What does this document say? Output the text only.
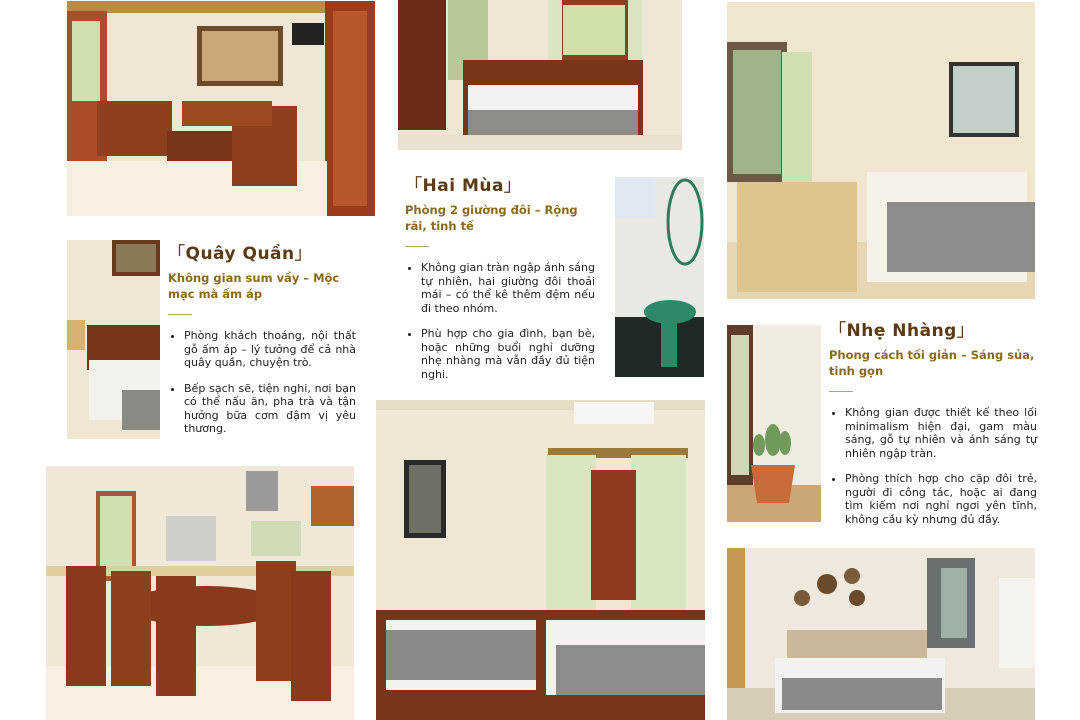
「Quây Quần」

Không gian sum vầy – Mộc mạc mà ấm áp

• Phòng khách thoáng, nội thất gỗ ấm áp – lý tưởng để cả nhà quây quần, chuyện trò.
• Bếp sạch sẽ, tiện nghi, nơi bạn có thể nấu ăn, pha trà và tận hưởng bữa cơm đậm vị yêu thương.
「Hai Mùa」

Phòng 2 giường đôi – Rộng rãi, tinh tế

• Không gian tràn ngập ánh sáng tự nhiên, hai giường đôi thoải mái – có thể kê thêm đệm nếu đi theo nhóm.
• Phù hợp cho gia đình, bạn bè, hoặc những buổi nghỉ dưỡng nhẹ nhàng mà vẫn đầy đủ tiện nghi.
「Nhẹ Nhàng」

Phong cách tối giản – Sáng sủa, tinh gọn

• Không gian được thiết kế theo lối minimalism hiện đại, gam màu sáng, gỗ tự nhiên và ánh sáng tự nhiên ngập tràn.
• Phòng thích hợp cho cặp đôi trẻ, người đi công tác, hoặc ai đang tìm kiếm nơi nghỉ ngơi yên tĩnh, không cầu kỳ nhưng đủ đầy.
